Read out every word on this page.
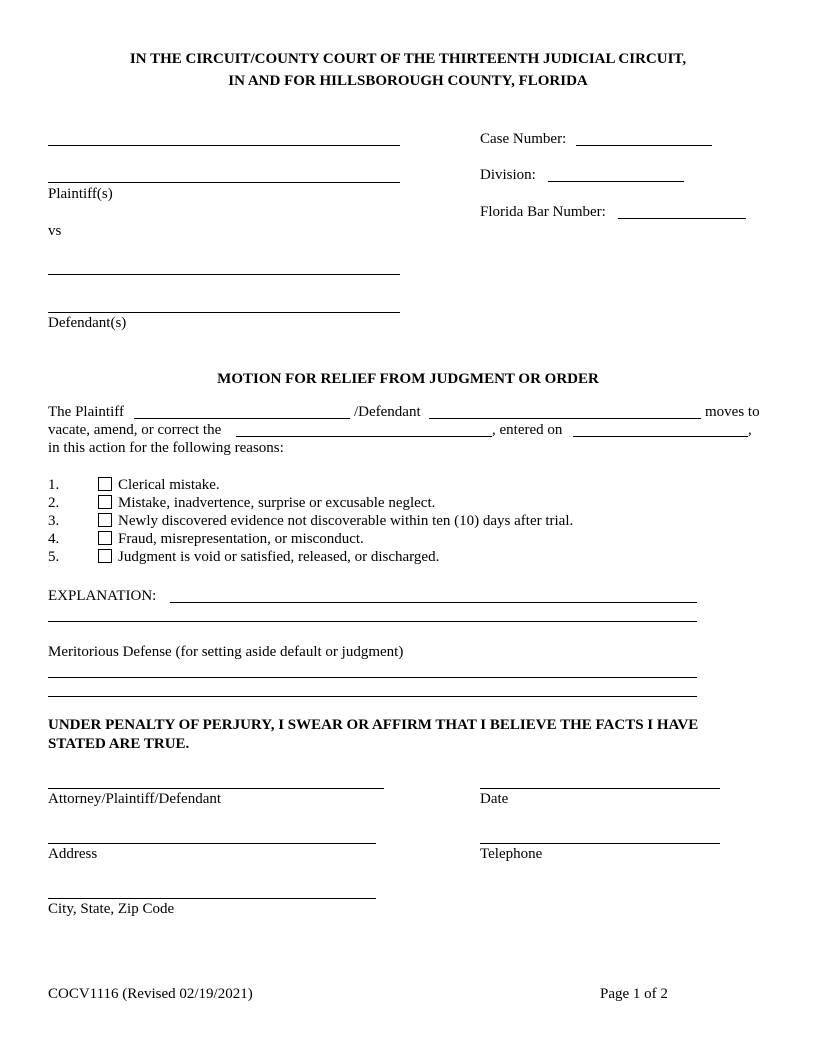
IN THE CIRCUIT/COUNTY COURT OF THE THIRTEENTH JUDICIAL CIRCUIT,
IN AND FOR HILLSBOROUGH COUNTY, FLORIDA
Plaintiff(s)
vs
Defendant(s)
Case Number:
Division:
Florida Bar Number:
MOTION FOR RELIEF FROM JUDGMENT OR ORDER
The Plaintiff	/Defendant	moves to
vacate, amend, or correct the	, entered on	,
in this action for the following reasons:
1.	Clerical mistake.
2.	Mistake, inadvertence, surprise or excusable neglect.
3.	Newly discovered evidence not discoverable within ten (10) days after trial.
4.	Fraud, misrepresentation, or misconduct.
5.	Judgment is void or satisfied, released, or discharged.
EXPLANATION:
Meritorious Defense (for setting aside default or judgment)
UNDER PENALTY OF PERJURY, I SWEAR OR AFFIRM THAT I BELIEVE THE FACTS I HAVE
STATED ARE TRUE.
Attorney/Plaintiff/Defendant	Date
Address	Telephone
City, State, Zip Code
COCV1116 (Revised 02/19/2021)	Page 1 of 2
